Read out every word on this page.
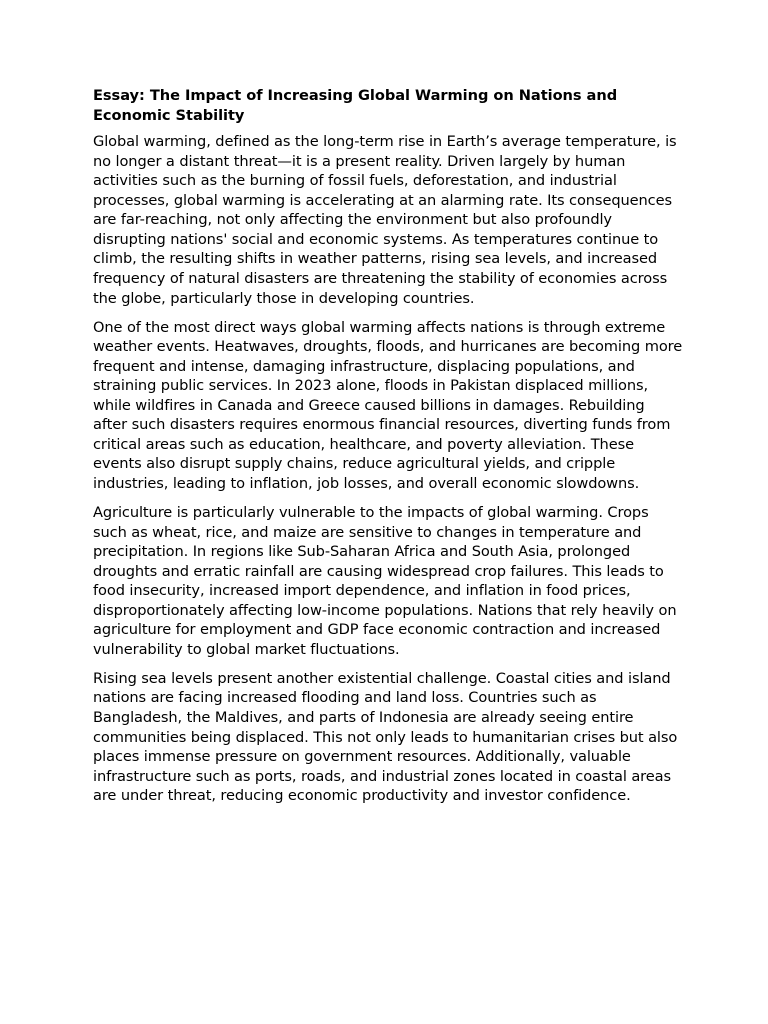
Essay: The Impact of Increasing Global Warming on Nations and Economic Stability

Global warming, defined as the long-term rise in Earth’s average temperature, is no longer a distant threat—it is a present reality. Driven largely by human activities such as the burning of fossil fuels, deforestation, and industrial processes, global warming is accelerating at an alarming rate. Its consequences are far-reaching, not only affecting the environment but also profoundly disrupting nations' social and economic systems. As temperatures continue to climb, the resulting shifts in weather patterns, rising sea levels, and increased frequency of natural disasters are threatening the stability of economies across the globe, particularly those in developing countries.

One of the most direct ways global warming affects nations is through extreme weather events. Heatwaves, droughts, floods, and hurricanes are becoming more frequent and intense, damaging infrastructure, displacing populations, and straining public services. In 2023 alone, floods in Pakistan displaced millions, while wildfires in Canada and Greece caused billions in damages. Rebuilding after such disasters requires enormous financial resources, diverting funds from critical areas such as education, healthcare, and poverty alleviation. These events also disrupt supply chains, reduce agricultural yields, and cripple industries, leading to inflation, job losses, and overall economic slowdowns.

Agriculture is particularly vulnerable to the impacts of global warming. Crops such as wheat, rice, and maize are sensitive to changes in temperature and precipitation. In regions like Sub-Saharan Africa and South Asia, prolonged droughts and erratic rainfall are causing widespread crop failures. This leads to food insecurity, increased import dependence, and inflation in food prices, disproportionately affecting low-income populations. Nations that rely heavily on agriculture for employment and GDP face economic contraction and increased vulnerability to global market fluctuations.

Rising sea levels present another existential challenge. Coastal cities and island nations are facing increased flooding and land loss. Countries such as Bangladesh, the Maldives, and parts of Indonesia are already seeing entire communities being displaced. This not only leads to humanitarian crises but also places immense pressure on government resources. Additionally, valuable infrastructure such as ports, roads, and industrial zones located in coastal areas are under threat, reducing economic productivity and investor confidence.
